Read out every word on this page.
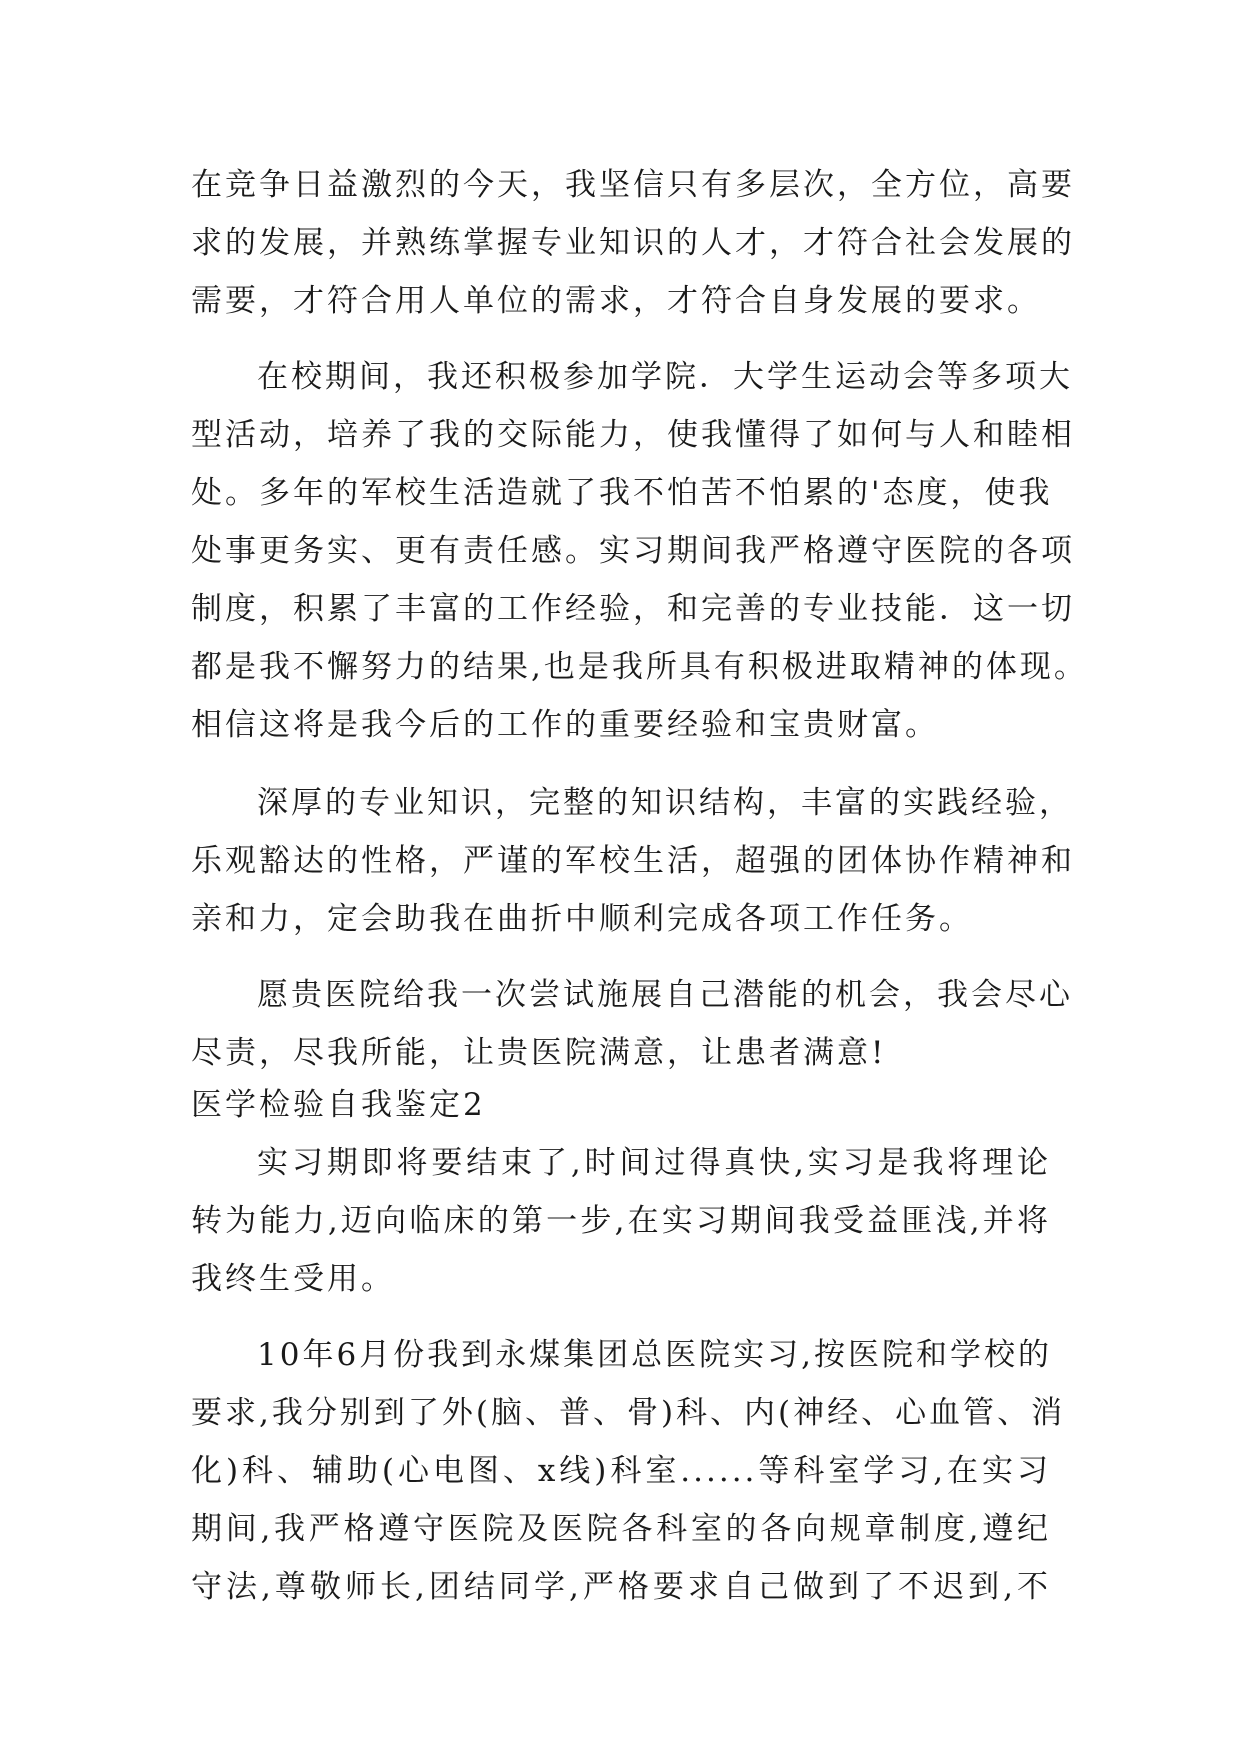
在竞争日益激烈的今天，我坚信只有多层次，全方位，高要
求的发展，并熟练掌握专业知识的人才，才符合社会发展的
需要，才符合用人单位的需求，才符合自身发展的要求。
在校期间，我还积极参加学院．大学生运动会等多项大
型活动，培养了我的交际能力，使我懂得了如何与人和睦相
处。多年的军校生活造就了我不怕苦不怕累的'态度，使我
处事更务实、更有责任感。实习期间我严格遵守医院的各项
制度，积累了丰富的工作经验，和完善的专业技能．这一切
都是我不懈努力的结果,也是我所具有积极进取精神的体现。
相信这将是我今后的工作的重要经验和宝贵财富。
深厚的专业知识，完整的知识结构，丰富的实践经验，
乐观豁达的性格，严谨的军校生活，超强的团体协作精神和
亲和力，定会助我在曲折中顺利完成各项工作任务。
愿贵医院给我一次尝试施展自己潜能的机会，我会尽心
尽责，尽我所能，让贵医院满意，让患者满意!
医学检验自我鉴定2
实习期即将要结束了,时间过得真快,实习是我将理论
转为能力,迈向临床的第一步,在实习期间我受益匪浅,并将
我终生受用。
10年6月份我到永煤集团总医院实习,按医院和学校的
要求,我分别到了外(脑、普、骨)科、内(神经、心血管、消
化)科、辅助(心电图、x线)科室......等科室学习,在实习
期间,我严格遵守医院及医院各科室的各向规章制度,遵纪
守法,尊敬师长,团结同学,严格要求自己做到了不迟到,不
